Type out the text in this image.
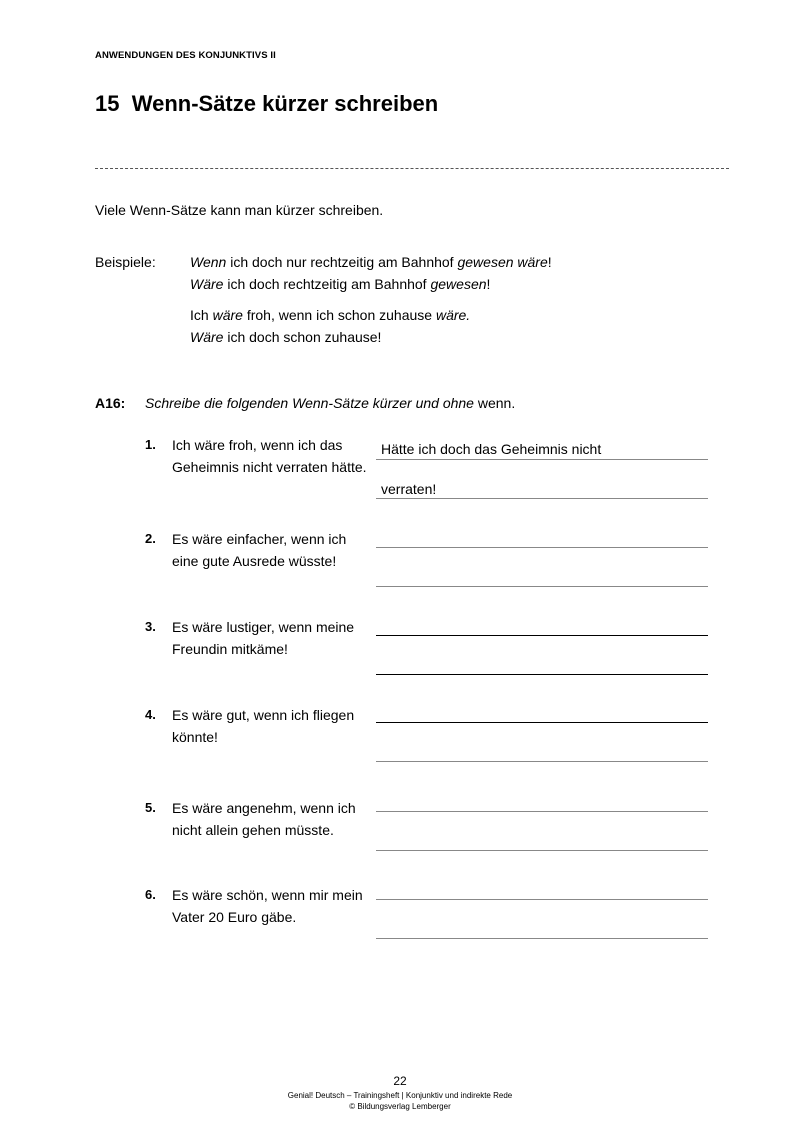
ANWENDUNGEN DES KONJUNKTIVS II
15 Wenn-Sätze kürzer schreiben
Viele Wenn-Sätze kann man kürzer schreiben.
Beispiele: Wenn ich doch nur rechtzeitig am Bahnhof gewesen wäre!
Wäre ich doch rechtzeitig am Bahnhof gewesen!
Ich wäre froh, wenn ich schon zuhause wäre.
Wäre ich doch schon zuhause!
A16: Schreibe die folgenden Wenn-Sätze kürzer und ohne wenn.
1. Ich wäre froh, wenn ich das Geheimnis nicht verraten hätte.
Hätte ich doch das Geheimnis nicht
verraten!
2. Es wäre einfacher, wenn ich eine gute Ausrede wüsste!
3. Es wäre lustiger, wenn meine Freundin mitkäme!
4. Es wäre gut, wenn ich fliegen könnte!
5. Es wäre angenehm, wenn ich nicht allein gehen müsste.
6. Es wäre schön, wenn mir mein Vater 20 Euro gäbe.
22
Genial! Deutsch – Trainingsheft | Konjunktiv und indirekte Rede
© Bildungsverlag Lemberger
